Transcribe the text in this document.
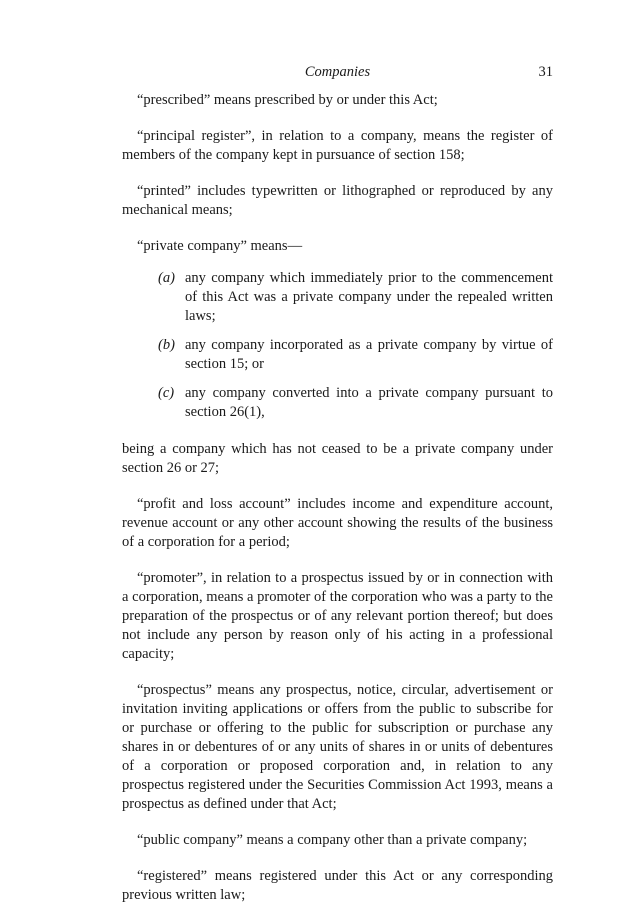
Companies	31

“prescribed” means prescribed by or under this Act;

“principal register”, in relation to a company, means the register of members of the company kept in pursuance of section 158;

“printed” includes typewritten or lithographed or reproduced by any mechanical means;

“private company” means—

(a) any company which immediately prior to the commencement of this Act was a private company under the repealed written laws;
(b) any company incorporated as a private company by virtue of section 15; or
(c) any company converted into a private company pursuant to section 26(1),

being a company which has not ceased to be a private company under section 26 or 27;

“profit and loss account” includes income and expenditure account, revenue account or any other account showing the results of the business of a corporation for a period;

“promoter”, in relation to a prospectus issued by or in connection with a corporation, means a promoter of the corporation who was a party to the preparation of the prospectus or of any relevant portion thereof; but does not include any person by reason only of his acting in a professional capacity;

“prospectus” means any prospectus, notice, circular, advertisement or invitation inviting applications or offers from the public to subscribe for or purchase or offering to the public for subscription or purchase any shares in or debentures of or any units of shares in or units of debentures of a corporation or proposed corporation and, in relation to any prospectus registered under the Securities Commission Act 1993, means a prospectus as defined under that Act;

“public company” means a company other than a private company;

“registered” means registered under this Act or any corresponding previous written law;
